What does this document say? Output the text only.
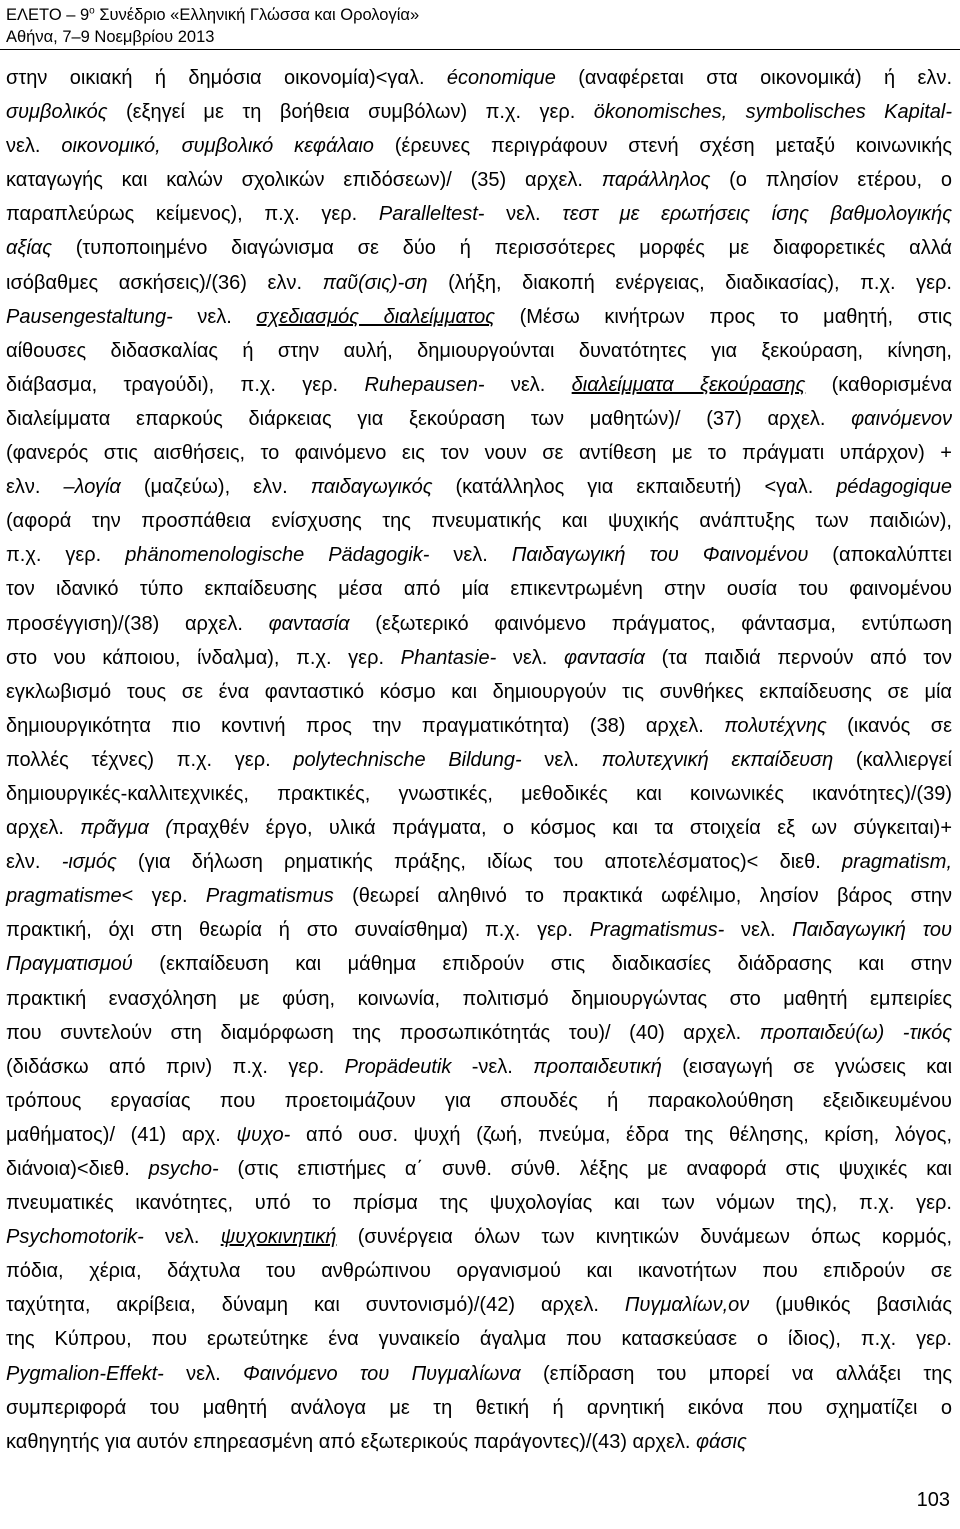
ΕΛΕΤΟ – $9^o$ Συνέδριο «Ελληνική Γλώσσα και Ορολογία»
Αθήνα, 7–9 Νοεμβρίου 2013
στην οικιακή ή δημόσια οικονομία)<γαλ. économique (αναφέρεται στα οικονομικά) ή ελν.
συμβολικός (εξηγεί με τη βοήθεια συμβόλων) π.χ. γερ. ökonomisches, symbolisches Kapital-
νελ. οικονομικό, συμβολικό κεφάλαιο (έρευνες περιγράφουν στενή σχέση μεταξύ κοινωνικής
καταγωγής και καλών σχολικών επιδόσεων)/ (35) αρχελ. παράλληλος (ο πλησίον ετέρου, ο
παραπλεύρως κείμενος), π.χ. γερ. Paralleltest- νελ. τεστ με ερωτήσεις ίσης βαθμολογικής
αξίας (τυποποιημένο διαγώνισμα σε δύο ή περισσότερες μορφές με διαφορετικές αλλά
ισόβαθμες ασκήσεις)/(36) ελν. παῦ(σις)-ση (λήξη, διακοπή ενέργειας, διαδικασίας), π.χ. γερ.
Pausengestaltung- νελ. σχεδιασμός διαλείμματος (Μέσω κινήτρων προς το μαθητή, στις
αίθουσες διδασκαλίας ή στην αυλή, δημιουργούνται δυνατότητες για ξεκούραση, κίνηση,
διάβασμα, τραγούδι), π.χ. γερ. Ruhepausen- νελ. διαλείμματα ξεκούρασης (καθορισμένα
διαλείμματα επαρκούς διάρκειας για ξεκούραση των μαθητών)/ (37) αρχελ. φαινόμενον
(φανερός στις αισθήσεις, το φαινόμενο εις τον νουν σε αντίθεση με το πράγματι υπάρχον) +
ελν. –λογία (μαζεύω), ελν. παιδαγωγικός (κατάλληλος για εκπαιδευτή) <γαλ. pédagogique
(αφορά την προσπάθεια ενίσχυσης της πνευματικής και ψυχικής ανάπτυξης των παιδιών),
π.χ. γερ. phänomenologische Pädagogik- νελ. Παιδαγωγική του Φαινομένου (αποκαλύπτει
τον ιδανικό τύπο εκπαίδευσης μέσα από μία επικεντρωμένη στην ουσία του φαινομένου
προσέγγιση)/(38) αρχελ. φαντασία (εξωτερικό φαινόμενο πράγματος, φάντασμα, εντύπωση
στο νου κάποιου, ίνδαλμα), π.χ. γερ. Phantasie- νελ. φαντασία (τα παιδιά περνούν από τον
εγκλωβισμό τους σε ένα φανταστικό κόσμο και δημιουργούν τις συνθήκες εκπαίδευσης σε μία
δημιουργικότητα πιο κοντινή προς την πραγματικότητα) (38) αρχελ. πολυτέχνης (ικανός σε
πολλές τέχνες) π.χ. γερ. polytechnische Bildung- νελ. πολυτεχνική εκπαίδευση (καλλιεργεί
δημιουργικές-καλλιτεχνικές, πρακτικές, γνωστικές, μεθοδικές και κοινωνικές ικανότητες)/(39)
αρχελ. πρᾶγμα (πραχθέν έργο, υλικά πράγματα, ο κόσμος και τα στοιχεία εξ ων σύγκειται)+
ελν. -ισμός (για δήλωση ρηματικής πράξης, ιδίως του αποτελέσματος)< διεθ. pragmatism,
pragmatisme< γερ. Pragmatismus (θεωρεί αληθινό το πρακτικά ωφέλιμο, λησίον βάρος στην
πρακτική, όχι στη θεωρία ή στο συναίσθημα) π.χ. γερ. Pragmatismus- νελ. Παιδαγωγική του
Πραγματισμού (εκπαίδευση και μάθημα επιδρούν στις διαδικασίες διάδρασης και στην
πρακτική ενασχόληση με φύση, κοινωνία, πολιτισμό δημιουργώντας στο μαθητή εμπειρίες
που συντελούν στη διαμόρφωση της προσωπικότητάς του)/ (40) αρχελ. προπαιδεύ(ω) -τικός
(διδάσκω από πριν) π.χ. γερ. Propädeutik -νελ. προπαιδευτική (εισαγωγή σε γνώσεις και
τρόπους εργασίας που προετοιμάζουν για σπουδές ή παρακολούθηση εξειδικευμένου
μαθήματος)/ (41) αρχ. ψυχο- από ουσ. ψυχή (ζωή, πνεύμα, έδρα της θέλησης, κρίση, λόγος,
διάνοια)<διεθ. psycho- (στις επιστήμες α΄ συνθ. σύνθ. λέξης με αναφορά στις ψυχικές και
πνευματικές ικανότητες, υπό το πρίσμα της ψυχολογίας και των νόμων της), π.χ. γερ.
Psychomotorik- νελ. ψυχοκινητική (συνέργεια όλων των κινητικών δυνάμεων όπως κορμός,
πόδια, χέρια, δάχτυλα του ανθρώπινου οργανισμού και ικανοτήτων που επιδρούν σε
ταχύτητα, ακρίβεια, δύναμη και συντονισμό)/(42) αρχελ. Πυγμαλίων,ον (μυθικός βασιλιάς
της Κύπρου, που ερωτεύτηκε ένα γυναικείο άγαλμα που κατασκεύασε ο ίδιος), π.χ. γερ.
Pygmalion-Effekt- νελ. Φαινόμενο του Πυγμαλίωνα (επίδραση του μπορεί να αλλάξει της
συμπεριφορά του μαθητή ανάλογα με τη θετική ή αρνητική εικόνα που σχηματίζει ο
καθηγητής για αυτόν επηρεασμένη από εξωτερικούς παράγοντες)/(43) αρχελ. φάσις
103
